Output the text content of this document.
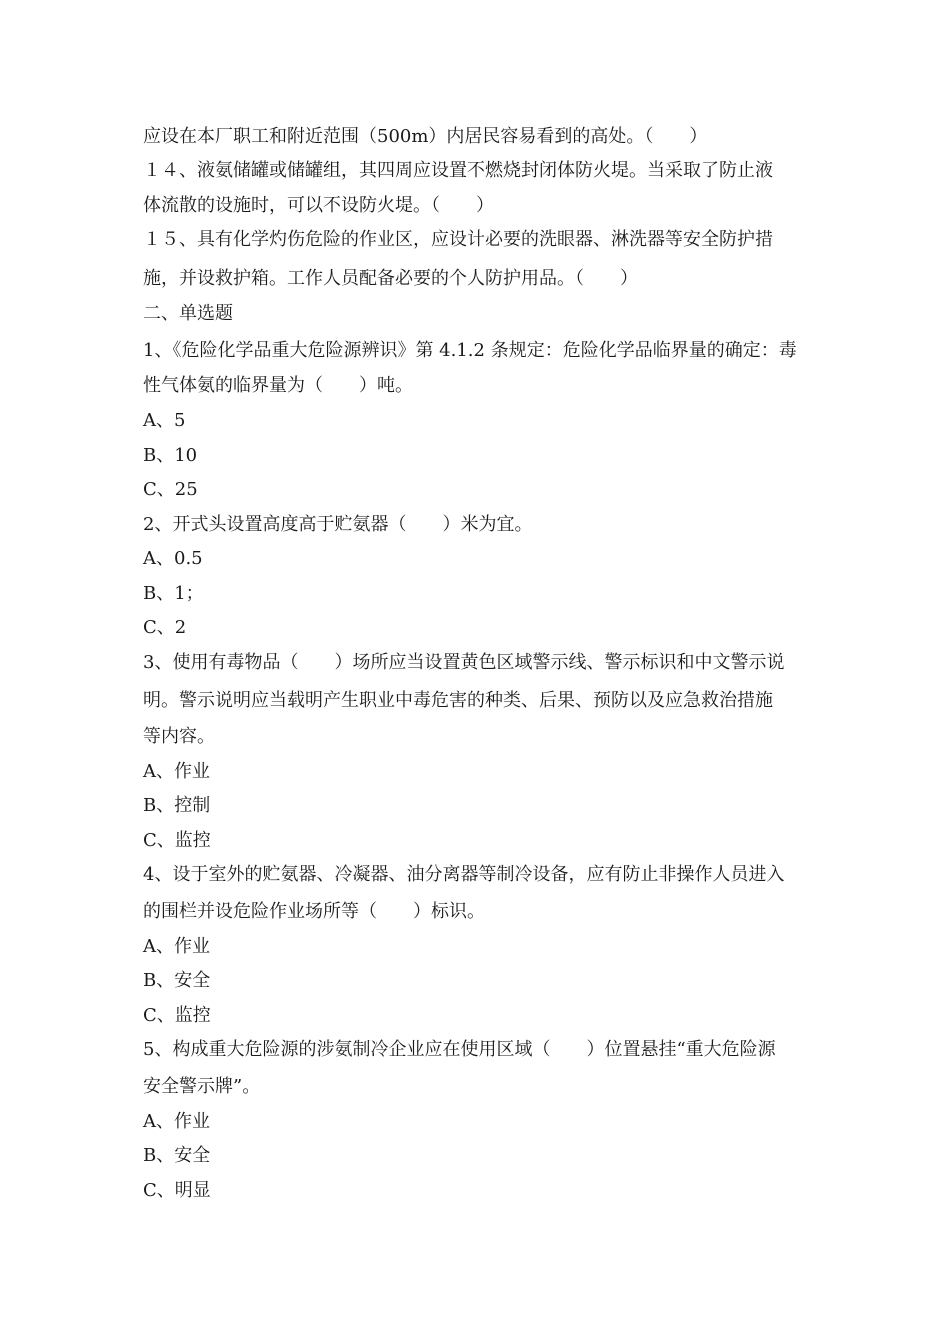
应设在本厂职工和附近范围（500m）内居民容易看到的高处。（　　）
１４、液氨储罐或储罐组，其四周应设置不燃烧封闭体防火堤。当采取了防止液
体流散的设施时，可以不设防火堤。（　　）
１５、具有化学灼伤危险的作业区，应设计必要的洗眼器、淋洗器等安全防护措
施，并设救护箱。工作人员配备必要的个人防护用品。（　　）
二、单选题
1、《危险化学品重大危险源辨识》第 4.1.2 条规定：危险化学品临界量的确定：毒
性气体氨的临界量为（　　）吨。
A、5
B、10
C、25
2、开式头设置高度高于贮氨器（　　）米为宜。
A、0.5
B、1；
C、2
3、使用有毒物品（　　）场所应当设置黄色区域警示线、警示标识和中文警示说
明。警示说明应当载明产生职业中毒危害的种类、后果、预防以及应急救治措施
等内容。
A、作业
B、控制
C、监控
4、设于室外的贮氨器、冷凝器、油分离器等制冷设备，应有防止非操作人员进入
的围栏并设危险作业场所等（　　）标识。
A、作业
B、安全
C、监控
5、构成重大危险源的涉氨制冷企业应在使用区域（　　）位置悬挂“重大危险源
安全警示牌”。
A、作业
B、安全
C、明显
